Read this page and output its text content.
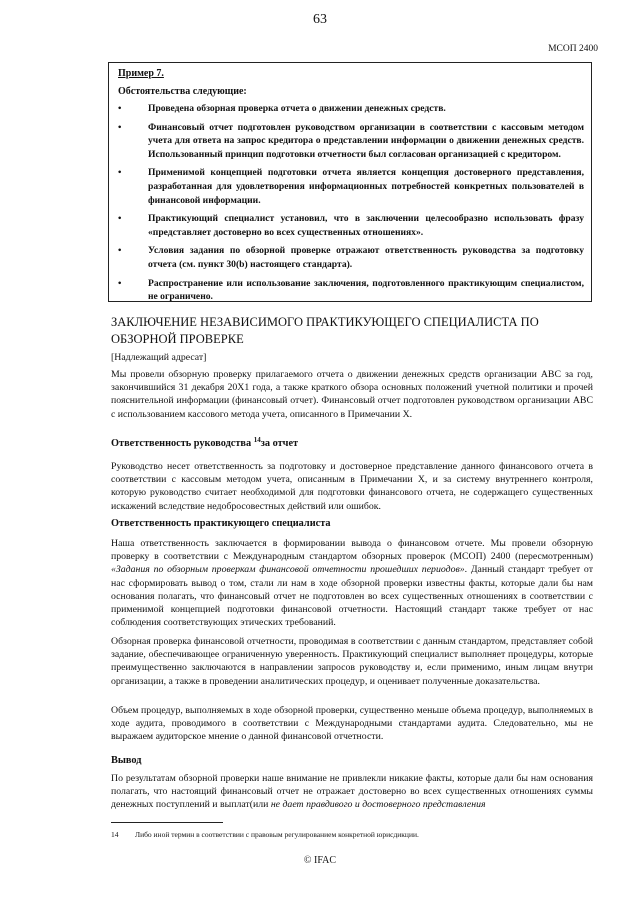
63
МСОП 2400
Пример 7.
Обстоятельства следующие:
•	Проведена обзорная проверка отчета о движении денежных средств.
•	Финансовый отчет подготовлен руководством организации в соответствии с кассовым методом учета для ответа на запрос кредитора о представлении информации о движении денежных средств. Использованный принцип подготовки отчетности был согласован организацией с кредитором.
•	Применимой концепцией подготовки отчета является концепция достоверного представления, разработанная для удовлетворения информационных потребностей конкретных пользователей в финансовой информации.
•	Практикующий специалист установил, что в заключении целесообразно использовать фразу «представляет достоверно во всех существенных отношениях».
•	Условия задания по обзорной проверке отражают ответственность руководства за подготовку отчета (см. пункт 30(b) настоящего стандарта).
•	Распространение или использование заключения, подготовленного практикующим специалистом, не ограничено.
ЗАКЛЮЧЕНИЕ НЕЗАВИСИМОГО ПРАКТИКУЮЩЕГО СПЕЦИАЛИСТА ПО ОБЗОРНОЙ ПРОВЕРКЕ
[Надлежащий адресат]
Мы провели обзорную проверку прилагаемого отчета о движении денежных средств организации ABC за год, закончившийся 31 декабря 20X1 года, а также краткого обзора основных положений учетной политики и прочей пояснительной информации (финансовый отчет). Финансовый отчет подготовлен руководством организации ABC с использованием кассового метода учета, описанного в Примечании X.
Ответственность руководства $^{14}$за отчет
Руководство несет ответственность за подготовку и достоверное представление данного финансового отчета в соответствии с кассовым методом учета, описанным в Примечании X, и за систему внутреннего контроля, которую руководство считает необходимой для подготовки финансового отчета, не содержащего существенных искажений вследствие недобросовестных действий или ошибок.
Ответственность практикующего специалиста
Наша ответственность заключается в формировании вывода о финансовом отчете. Мы провели обзорную проверку в соответствии с Международным стандартом обзорных проверок (МСОП) 2400 (пересмотренным) «Задания по обзорным проверкам финансовой отчетности прошедших периодов». Данный стандарт требует от нас сформировать вывод о том, стали ли нам в ходе обзорной проверки известны факты, которые дали бы нам основания полагать, что финансовый отчет не подготовлен во всех существенных отношениях в соответствии с применимой концепцией подготовки финансовой отчетности. Настоящий стандарт также требует от нас соблюдения соответствующих этических требований.
Обзорная проверка финансовой отчетности, проводимая в соответствии с данным стандартом, представляет собой задание, обеспечивающее ограниченную уверенность. Практикующий специалист выполняет процедуры, которые преимущественно заключаются в направлении запросов руководству и, если применимо, иным лицам внутри организации, а также в проведении аналитических процедур, и оценивает полученные доказательства.
Объем процедур, выполняемых в ходе обзорной проверки, существенно меньше объема процедур, выполняемых в ходе аудита, проводимого в соответствии с Международными стандартами аудита. Следовательно, мы не выражаем аудиторское мнение о данной финансовой отчетности.
Вывод
По результатам обзорной проверки наше внимание не привлекли никакие факты, которые дали бы нам основания полагать, что настоящий финансовый отчет не отражает достоверно во всех существенных отношениях суммы денежных поступлений и выплат(или не дает правдивого и достоверного представления
14 Либо иной термин в соответствии с правовым регулированием конкретной юрисдикции.
© IFAC
